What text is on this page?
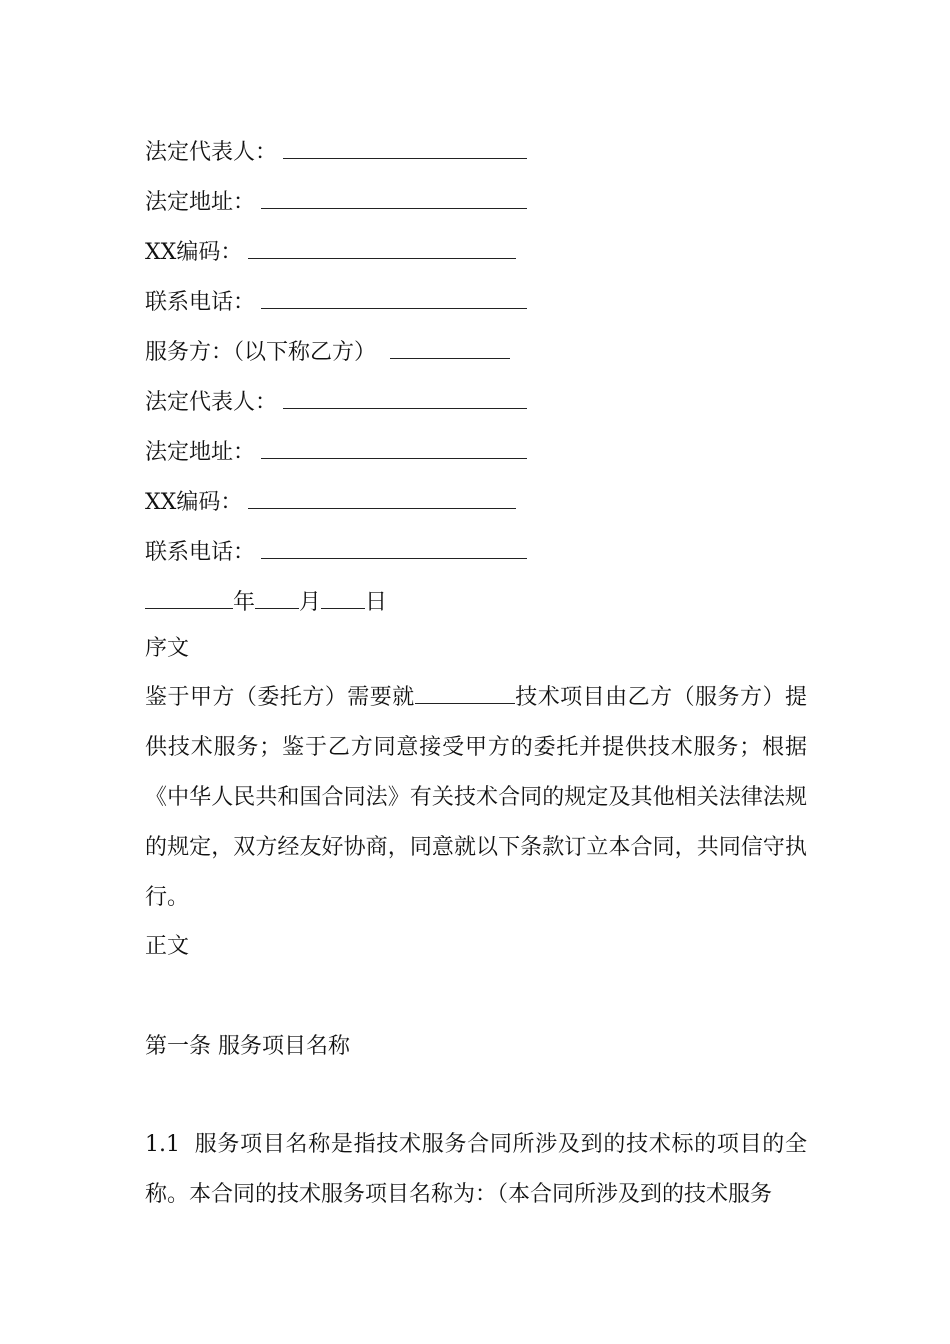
法定代表人：
法定地址：
XX编码：
联系电话：
服务方：（以下称乙方）
法定代表人：
法定地址：
XX编码：
联系电话：
年 月 日
序文
鉴于甲方（委托方）需要就	技术项目由乙方（服务方）提供技术服务；鉴于乙方同意接受甲方的委托并提供技术服务；根据《中华人民共和国合同法》有关技术合同的规定及其他相关法律法规的规定，双方经友好协商，同意就以下条款订立本合同，共同信守执行。
正文
第一条 服务项目名称
1.1 服务项目名称是指技术服务合同所涉及到的技术标的项目的全称。本合同的技术服务项目名称为：（本合同所涉及到的技术服务
